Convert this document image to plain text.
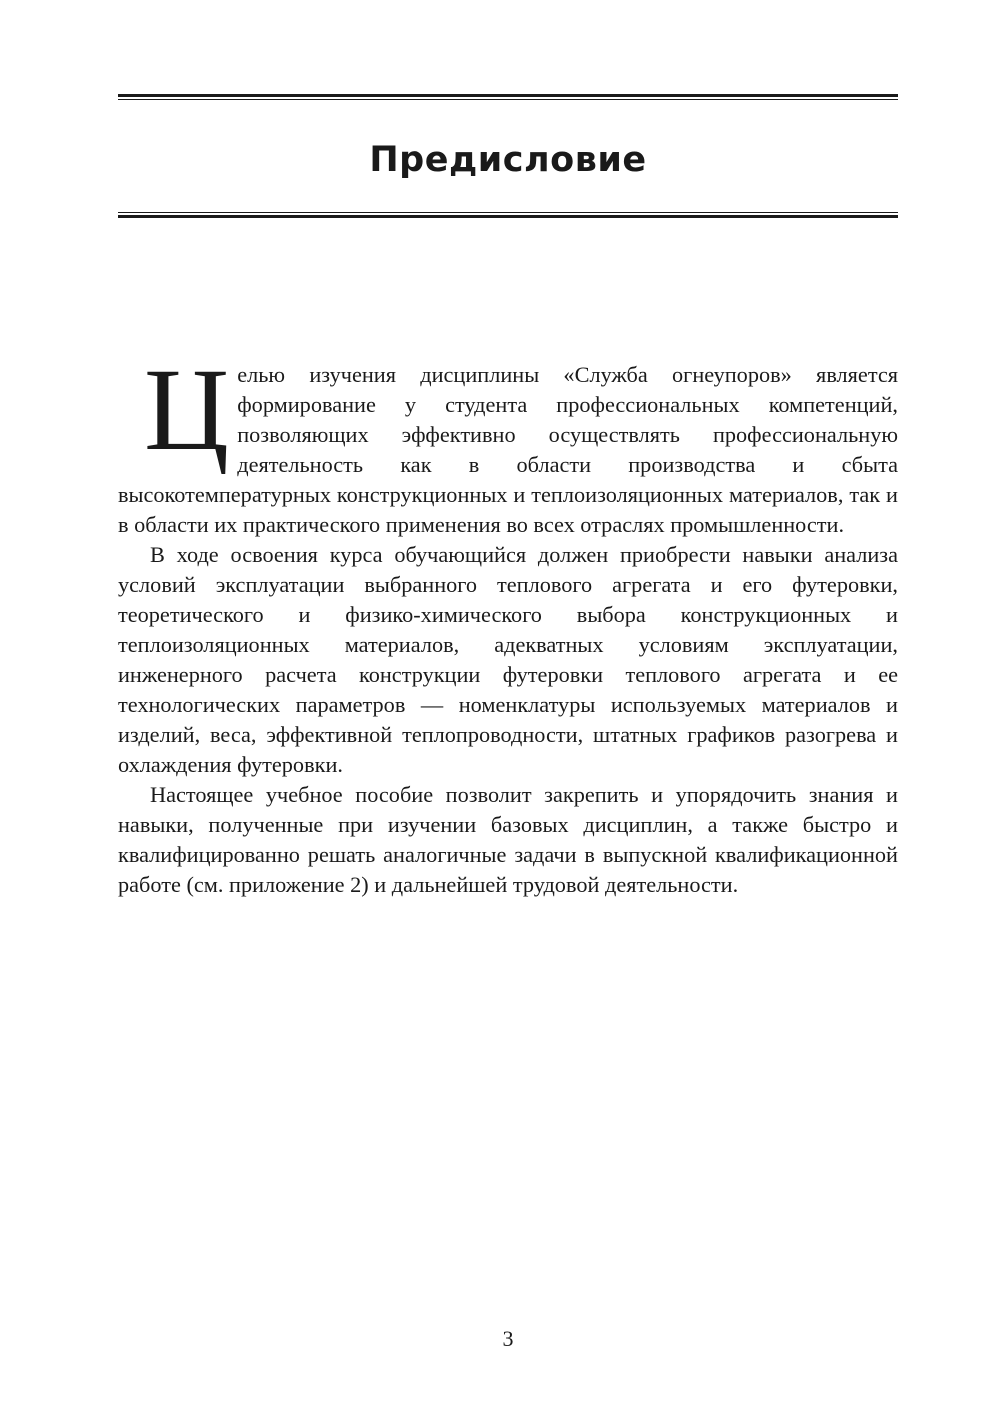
Предисловие

Целью изучения дисциплины «Служба огнеупоров» является формирование у студента профессиональных компетенций, позволяющих эффективно осуществлять профессиональную деятельность как в области производства и сбыта высокотемпературных конструкционных и теплоизоляционных материалов, так и в области их практического применения во всех отраслях промышленности.

В ходе освоения курса обучающийся должен приобрести навыки анализа условий эксплуатации выбранного теплового агрегата и его футеровки, теоретического и физико-химического выбора конструкционных и теплоизоляционных материалов, адекватных условиям эксплуатации, инженерного расчета конструкции футеровки теплового агрегата и ее технологических параметров — номенклатуры используемых материалов и изделий, веса, эффективной теплопроводности, штатных графиков разогрева и охлаждения футеровки.

Настоящее учебное пособие позволит закрепить и упорядочить знания и навыки, полученные при изучении базовых дисциплин, а также быстро и квалифицированно решать аналогичные задачи в выпускной квалификационной работе (см. приложение 2) и дальнейшей трудовой деятельности.

3
